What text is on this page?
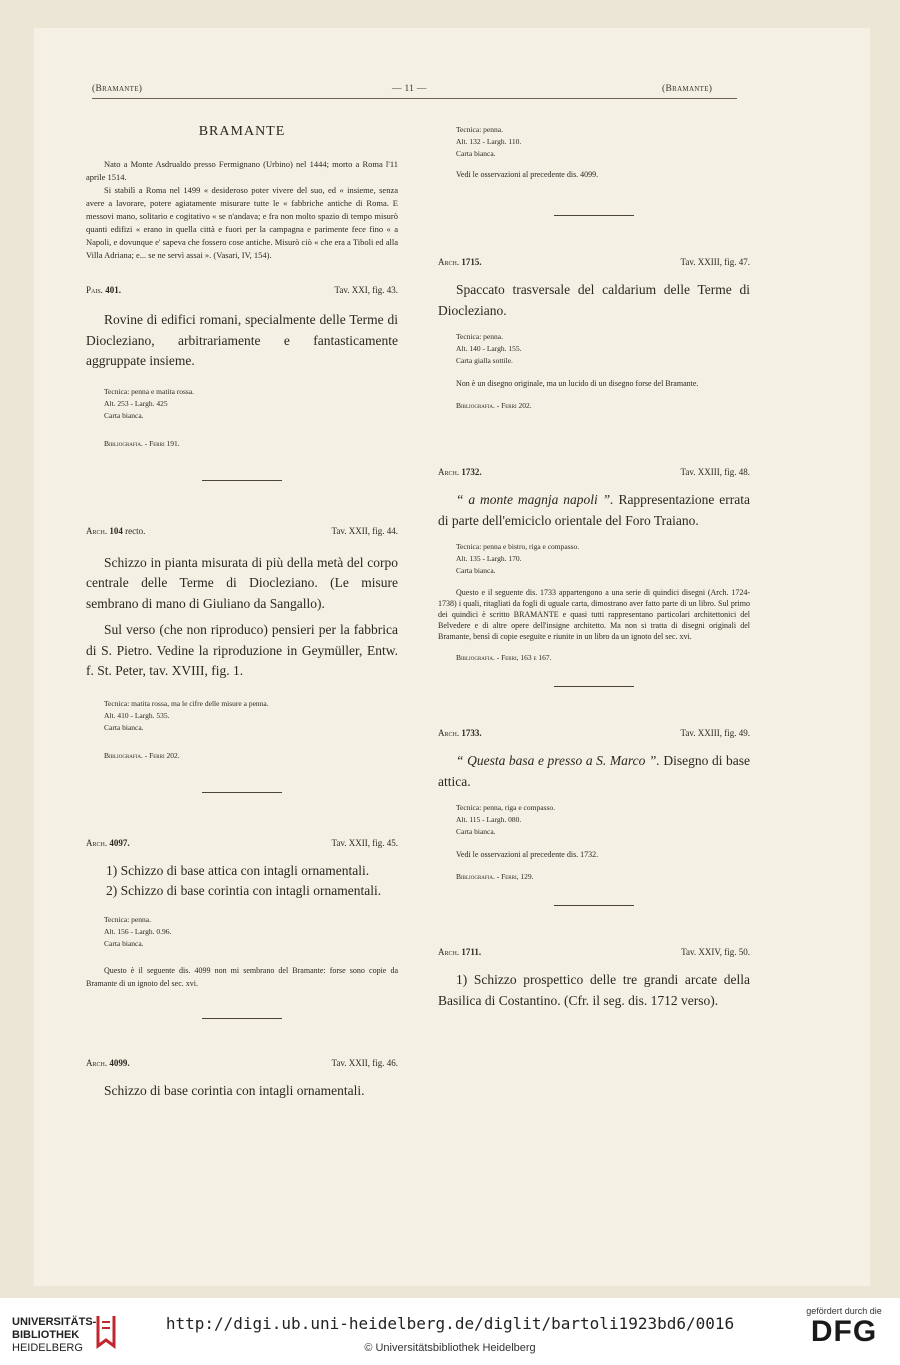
(Bramante)	— 11 —	(Bramante)
BRAMANTE

Nato a Monte Asdrualdo presso Fermignano (Urbino) nel 1444; morto a Roma l'11 aprile 1514.

Si stabilì a Roma nel 1499 « desideroso poter vivere del suo, ed « insieme, senza avere a lavorare, potere agiatamente misurare tutte le « fabbriche antiche di Roma. E messovi mano, solitario e cogitativo « se n'andava; e fra non molto spazio di tempo misurò quanti edifizi « erano in quella città e fuori per la campagna e parimente fece fino « a Napoli, e dovunque e' sapeva che fossero cose antiche. Misurò ciò « che era a Tiboli ed alla Villa Adriana; e... se ne servì assai ». (Vasari, IV, 154).

Pais. 401.	Tav. XXI, fig. 43.

Rovine di edifici romani, specialmente delle Terme di Diocleziano, arbitrariamente e fantasticamente aggruppate insieme.

Tecnica: penna e matita rossa.

Alt. 253 - Largh. 425

Carta bianca.

Bibliografia. - Ferri 191.

Arch. 104 recto.	Tav. XXII, fig. 44.

Schizzo in pianta misurata di più della metà del corpo centrale delle Terme di Diocleziano. (Le misure sembrano di mano di Giuliano da Sangallo).

Sul verso (che non riproduco) pensieri per la fabbrica di S. Pietro. Vedine la riproduzione in Geymüller, Entw. f. St. Peter, tav. XVIII, fig. 1.

Tecnica: matita rossa, ma le cifre delle misure a penna.

Alt. 410 - Largh. 535.

Carta bianca.

Bibliografia. - Ferri 202.

Arch. 4097.	Tav. XXII, fig. 45.

1) Schizzo di base attica con intagli ornamentali.

2) Schizzo di base corintia con intagli ornamentali.

Tecnica: penna.

Alt. 156 - Largh. 0.96.

Carta bianca.

Questo è il seguente dis. 4099 non mi sembrano del Bramante: forse sono copie da Bramante di un ignoto del sec. xvi.

Arch. 4099.	Tav. XXII, fig. 46.

Schizzo di base corintia con intagli ornamentali.

Tecnica: penna.

Alt. 132 - Largh. 110.

Carta bianca.

Vedi le osservazioni al precedente dis. 4099.

Arch. 1715.	Tav. XXIII, fig. 47.

Spaccato trasversale del caldarium delle Terme di Diocleziano.

Tecnica: penna.

Alt. 140 - Largh. 155.

Carta gialla sottile.

Non è un disegno originale, ma un lucido di un disegno forse del Bramante.

Bibliografia. - Ferri 202.

Arch. 1732.	Tav. XXIII, fig. 48.

“ a monte magnja napoli ”. Rappresentazione errata di parte dell'emiciclo orientale del Foro Traiano.

Tecnica: penna e bistro, riga e compasso.

Alt. 135 - Largh. 170.

Carta bianca.

Questo e il seguente dis. 1733 appartengono a una serie di quindici disegni (Arch. 1724-1738) i quali, ritagliati da fogli di uguale carta, dimostrano aver fatto parte di un libro. Sul primo dei quindici è scritto BRAMANTE e quasi tutti rappresentano particolari architettonici del Belvedere e di altre opere dell'insigne architetto. Ma non si tratta di disegni originali del Bramante, bensì di copie eseguite e riunite in un libro da un ignoto del sec. xvi.

Bibliografia. - Ferri, 163 e 167.

Arch. 1733.	Tav. XXIII, fig. 49.

“ Questa basa e presso a S. Marco ”. Disegno di base attica.

Tecnica: penna, riga e compasso.

Alt. 115 - Largh. 080.

Carta bianca.

Vedi le osservazioni al precedente dis. 1732.

Bibliografia. - Ferri, 129.

Arch. 1711.	Tav. XXIV, fig. 50.

1) Schizzo prospettico delle tre grandi arcate della Basilica di Costantino. (Cfr. il seg. dis. 1712 verso).

UNIVERSITÄTS-
BIBLIOTHEK
HEIDELBERG
http://digi.ub.uni-heidelberg.de/diglit/bartoli1923bd6/0016
© Universitätsbibliothek Heidelberg
gefördert durch die
DFG
